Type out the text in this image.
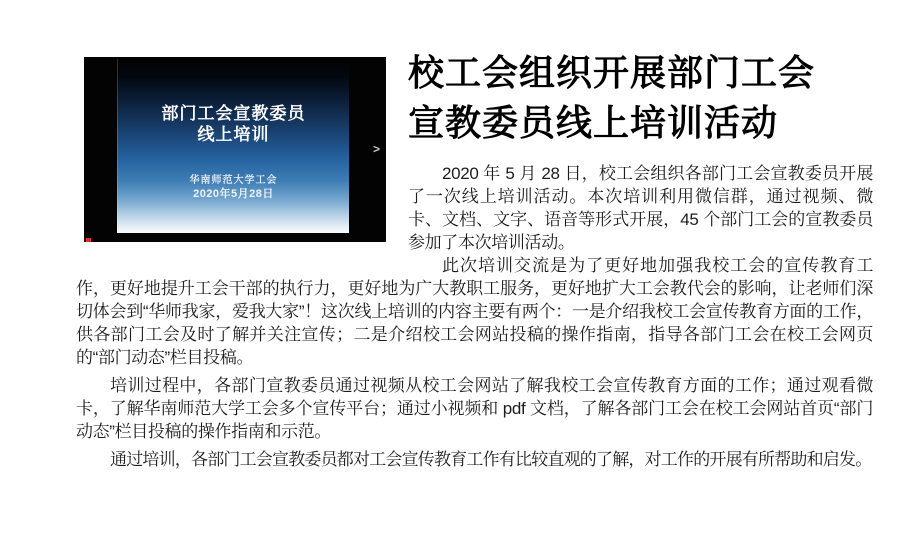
部门工会宣教委员
线上培训
华南师范大学工会
2020年5月28日
>
校工会组织开展部门工会
宣教委员线上培训活动

2020 年 5 月 28 日，校工会组织各部门工会宣教委员开展了一次线上培训活动。本次培训利用微信群，通过视频、微卡、文档、文字、语音等形式开展，45 个部门工会的宣教委员参加了本次培训活动。

此次培训交流是为了更好地加强我校工会的宣传教育工作，更好地提升工会干部的执行力，更好地为广大教职工服务，更好地扩大工会教代会的影响，让老师们深切体会到“华师我家，爱我大家”！这次线上培训的内容主要有两个：一是介绍我校工会宣传教育方面的工作，供各部门工会及时了解并关注宣传；二是介绍校工会网站投稿的操作指南，指导各部门工会在校工会网页的“部门动态”栏目投稿。

培训过程中，各部门宣教委员通过视频从校工会网站了解我校工会宣传教育方面的工作；通过观看微卡，了解华南师范大学工会多个宣传平台；通过小视频和 pdf 文档，了解各部门工会在校工会网站首页“部门动态”栏目投稿的操作指南和示范。

通过培训，各部门工会宣教委员都对工会宣传教育工作有比较直观的了解，对工作的开展有所帮助和启发。
